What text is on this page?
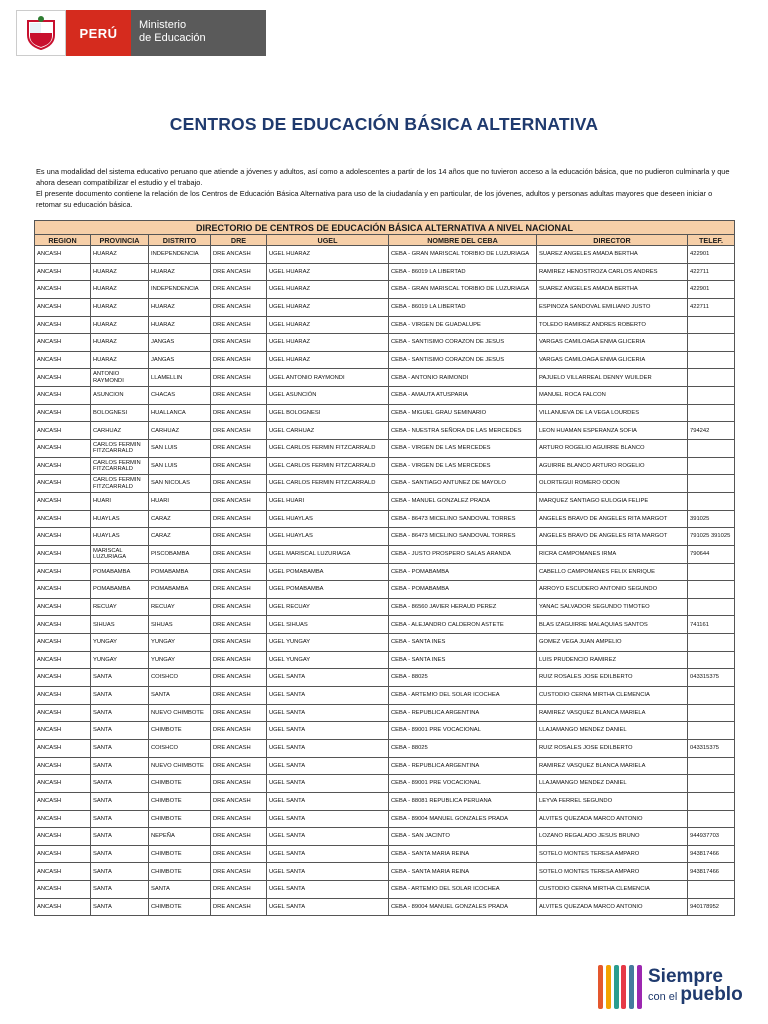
PERÚ
Ministerio
de Educación
CENTROS DE EDUCACIÓN BÁSICA ALTERNATIVA

Es una modalidad del sistema educativo peruano que atiende a jóvenes y adultos, así como a adolescentes a partir de los 14 años que no tuvieron acceso a la educación básica, que no pudieron culminarla y que ahora desean compatibilizar el estudio y el trabajo.

El presente documento contiene la relación de los Centros de Educación Básica Alternativa para uso de la ciudadanía y en particular, de los jóvenes, adultos y personas adultas mayores que deseen iniciar o retomar su educación básica.

DIRECTORIO DE CENTROS DE EDUCACIÓN BÁSICA ALTERNATIVA A NIVEL NACIONAL							
REGION	PROVINCIA	DISTRITO	DRE	UGEL	NOMBRE DEL CEBA	DIRECTOR	TELEF.
ANCASH	HUARAZ	INDEPENDENCIA	DRE ANCASH	UGEL HUARAZ	CEBA - GRAN MARISCAL TORIBIO DE LUZURIAGA	SUAREZ ANGELES AMADA BERTHA	422901
ANCASH	HUARAZ	HUARAZ	DRE ANCASH	UGEL HUARAZ	CEBA - 86019 LA LIBERTAD	RAMIREZ HENOSTROZA CARLOS ANDRES	422711
ANCASH	HUARAZ	INDEPENDENCIA	DRE ANCASH	UGEL HUARAZ	CEBA - GRAN MARISCAL TORIBIO DE LUZURIAGA	SUAREZ ANGELES AMADA BERTHA	422901
ANCASH	HUARAZ	HUARAZ	DRE ANCASH	UGEL HUARAZ	CEBA - 86019 LA LIBERTAD	ESPINOZA SANDOVAL EMILIANO JUSTO	422711
ANCASH	HUARAZ	HUARAZ	DRE ANCASH	UGEL HUARAZ	CEBA - VIRGEN DE GUADALUPE	TOLEDO RAMIREZ ANDRES ROBERTO	
ANCASH	HUARAZ	JANGAS	DRE ANCASH	UGEL HUARAZ	CEBA - SANTISIMO CORAZON DE JESUS	VARGAS CAMILOAGA ENMA GLICERIA	
ANCASH	HUARAZ	JANGAS	DRE ANCASH	UGEL HUARAZ	CEBA - SANTISIMO CORAZON DE JESUS	VARGAS CAMILOAGA ENMA GLICERIA	
ANCASH	ANTONIO RAYMONDI	LLAMELLIN	DRE ANCASH	UGEL ANTONIO RAYMONDI	CEBA - ANTONIO RAIMONDI	PAJUELO VILLARREAL DENNY WUILDER	
ANCASH	ASUNCION	CHACAS	DRE ANCASH	UGEL ASUNCIÓN	CEBA - AMAUTA ATUSPARIA	MANUEL ROCA FALCON	
ANCASH	BOLOGNESI	HUALLANCA	DRE ANCASH	UGEL BOLOGNESI	CEBA - MIGUEL GRAU SEMINARIO	VILLANUEVA DE LA VEGA LOURDES	
ANCASH	CARHUAZ	CARHUAZ	DRE ANCASH	UGEL CARHUAZ	CEBA - NUESTRA SEÑORA DE LAS MERCEDES	LEON HUAMAN ESPERANZA SOFIA	794242
ANCASH	CARLOS FERMIN FITZCARRALD	SAN LUIS	DRE ANCASH	UGEL CARLOS FERMIN FITZCARRALD	CEBA - VIRGEN DE LAS MERCEDES	ARTURO ROGELIO AGUIRRE BLANCO	
ANCASH	CARLOS FERMIN FITZCARRALD	SAN LUIS	DRE ANCASH	UGEL CARLOS FERMIN FITZCARRALD	CEBA - VIRGEN DE LAS MERCEDES	AGUIRRE BLANCO ARTURO ROGELIO	
ANCASH	CARLOS FERMIN FITZCARRALD	SAN NICOLAS	DRE ANCASH	UGEL CARLOS FERMIN FITZCARRALD	CEBA - SANTIAGO ANTUNEZ DE MAYOLO	OLORTEGUI ROMERO ODON	
ANCASH	HUARI	HUARI	DRE ANCASH	UGEL HUARI	CEBA - MANUEL GONZALEZ PRADA	MARQUEZ SANTIAGO EULOGIA FELIPE	
ANCASH	HUAYLAS	CARAZ	DRE ANCASH	UGEL HUAYLAS	CEBA - 86473 MICELINO SANDOVAL TORRES	ANGELES BRAVO DE ANGELES RITA MARGOT	391025
ANCASH	HUAYLAS	CARAZ	DRE ANCASH	UGEL HUAYLAS	CEBA - 86473 MICELINO SANDOVAL TORRES	ANGELES BRAVO DE ANGELES RITA MARGOT	791025 391025
ANCASH	MARISCAL LUZURIAGA	PISCOBAMBA	DRE ANCASH	UGEL MARISCAL LUZURIAGA	CEBA - JUSTO PROSPERO SALAS ARANDA	RICRA CAMPOMANES IRMA	790644
ANCASH	POMABAMBA	POMABAMBA	DRE ANCASH	UGEL POMABAMBA	CEBA - POMABAMBA	CABELLO CAMPOMANES FELIX ENRIQUE	
ANCASH	POMABAMBA	POMABAMBA	DRE ANCASH	UGEL POMABAMBA	CEBA - POMABAMBA	ARROYO ESCUDERO ANTONIO SEGUNDO	
ANCASH	RECUAY	RECUAY	DRE ANCASH	UGEL RECUAY	CEBA - 86560 JAVIER HERAUD PEREZ	YANAC SALVADOR SEGUNDO TIMOTEO	
ANCASH	SIHUAS	SIHUAS	DRE ANCASH	UGEL SIHUAS	CEBA - ALEJANDRO CALDERON ASTETE	BLAS IZAGUIRRE MALAQUIAS SANTOS	741161
ANCASH	YUNGAY	YUNGAY	DRE ANCASH	UGEL YUNGAY	CEBA - SANTA INES	GOMEZ VEGA JUAN AMPELIO	
ANCASH	YUNGAY	YUNGAY	DRE ANCASH	UGEL YUNGAY	CEBA - SANTA INES	LUIS PRUDENCIO RAMIREZ	
ANCASH	SANTA	COISHCO	DRE ANCASH	UGEL SANTA	CEBA - 88025	RUIZ ROSALES JOSE EDILBERTO	043315375
ANCASH	SANTA	SANTA	DRE ANCASH	UGEL SANTA	CEBA - ARTEMIO DEL SOLAR ICOCHEA	CUSTODIO CERNA MIRTHA CLEMENCIA	
ANCASH	SANTA	NUEVO CHIMBOTE	DRE ANCASH	UGEL SANTA	CEBA - REPUBLICA ARGENTINA	RAMIREZ VASQUEZ BLANCA MARIELA	
ANCASH	SANTA	CHIMBOTE	DRE ANCASH	UGEL SANTA	CEBA - 89001 PRE VOCACIONAL	LLAJAMANGO MENDEZ DANIEL	
ANCASH	SANTA	COISHCO	DRE ANCASH	UGEL SANTA	CEBA - 88025	RUIZ ROSALES JOSE EDILBERTO	043315375
ANCASH	SANTA	NUEVO CHIMBOTE	DRE ANCASH	UGEL SANTA	CEBA - REPUBLICA ARGENTINA	RAMIREZ VASQUEZ BLANCA MARIELA	
ANCASH	SANTA	CHIMBOTE	DRE ANCASH	UGEL SANTA	CEBA - 89001 PRE VOCACIONAL	LLAJAMANGO MENDEZ DANIEL	
ANCASH	SANTA	CHIMBOTE	DRE ANCASH	UGEL SANTA	CEBA - 88081 REPUBLICA PERUANA	LEYVA FERREL SEGUNDO	
ANCASH	SANTA	CHIMBOTE	DRE ANCASH	UGEL SANTA	CEBA - 89004 MANUEL GONZALES PRADA	ALVITES QUEZADA MARCO ANTONIO	
ANCASH	SANTA	NEPEÑA	DRE ANCASH	UGEL SANTA	CEBA - SAN JACINTO	LOZANO REGALADO JESUS BRUNO	944937703
ANCASH	SANTA	CHIMBOTE	DRE ANCASH	UGEL SANTA	CEBA - SANTA MARIA REINA	SOTELO MONTES TERESA AMPARO	943817466
ANCASH	SANTA	CHIMBOTE	DRE ANCASH	UGEL SANTA	CEBA - SANTA MARIA REINA	SOTELO MONTES TERESA AMPARO	943817466
ANCASH	SANTA	SANTA	DRE ANCASH	UGEL SANTA	CEBA - ARTEMIO DEL SOLAR ICOCHEA	CUSTODIO CERNA MIRTHA CLEMENCIA	
ANCASH	SANTA	CHIMBOTE	DRE ANCASH	UGEL SANTA	CEBA - 89004 MANUEL GONZALES PRADA	ALVITES QUEZADA MARCO ANTONIO	940178952
Siempre
con el pueblo
